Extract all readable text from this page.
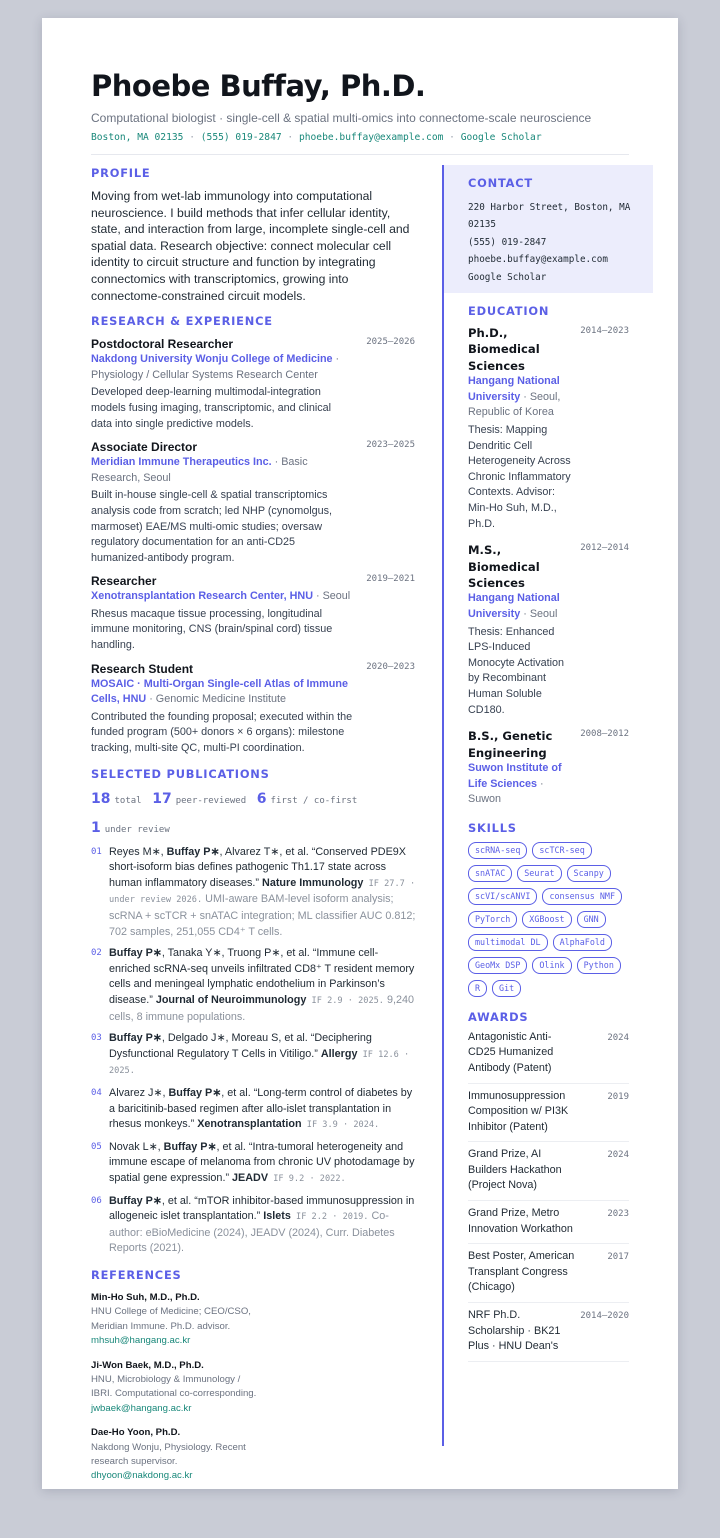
Phoebe Buffay, Ph.D.
Computational biologist · single-cell & spatial multi-omics into connectome-scale neuroscience
Boston, MA 02135 · (555) 019-2847 · phoebe.buffay@example.com · Google Scholar
PROFILE
Moving from wet-lab immunology into computational neuroscience. I build methods that infer cellular identity, state, and interaction from large, incomplete single-cell and spatial data. Research objective: connect molecular cell identity to circuit structure and function by integrating connectomics with transcriptomics, growing into connectome-constrained circuit models.
RESEARCH & EXPERIENCE
Postdoctoral Researcher	2025–2026
Nakdong University Wonju College of Medicine · Physiology / Cellular Systems Research Center
Developed deep-learning multimodal-integration models fusing imaging, transcriptomic, and clinical data into single predictive models.
Associate Director	2023–2025
Meridian Immune Therapeutics Inc. · Basic Research, Seoul
Built in-house single-cell & spatial transcriptomics analysis code from scratch; led NHP (cynomolgus, marmoset) EAE/MS multi-omic studies; oversaw regulatory documentation for an anti-CD25 humanized-antibody program.
Researcher	2019–2021
Xenotransplantation Research Center, HNU · Seoul
Rhesus macaque tissue processing, longitudinal immune monitoring, CNS (brain/spinal cord) tissue handling.
Research Student	2020–2023
MOSAIC · Multi-Organ Single-cell Atlas of Immune Cells, HNU · Genomic Medicine Institute
Contributed the founding proposal; executed within the funded program (500+ donors × 6 organs): milestone tracking, multi-site QC, multi-PI coordination.
SELECTED PUBLICATIONS
18 total 17 peer-reviewed 6 first / co-first
1 under review
01 Reyes M∗, Buffay P∗, Alvarez T∗, et al. “Conserved PDE9X short-isoform bias defines pathogenic Th1.17 state across human inflammatory diseases.” Nature Immunology IF 27.7 · under review 2026. UMI-aware BAM-level isoform analysis; scRNA + scTCR + snATAC integration; ML classifier AUC 0.812; 702 samples, 251,055 CD4⁺ T cells.
02 Buffay P∗, Tanaka Y∗, Truong P∗, et al. “Immune cell-enriched scRNA-seq unveils infiltrated CD8⁺ T resident memory cells and meningeal lymphatic endothelium in Parkinson’s disease.” Journal of Neuroimmunology IF 2.9 · 2025. 9,240 cells, 8 immune populations.
03 Buffay P∗, Delgado J∗, Moreau S, et al. “Deciphering Dysfunctional Regulatory T Cells in Vitiligo.” Allergy IF 12.6 · 2025.
04 Alvarez J∗, Buffay P∗, et al. “Long-term control of diabetes by a baricitinib-based regimen after allo-islet transplantation in rhesus monkeys.” Xenotransplantation IF 3.9 · 2024.
05 Novak L∗, Buffay P∗, et al. “Intra-tumoral heterogeneity and immune escape of melanoma from chronic UV photodamage by spatial gene expression.” JEADV IF 9.2 · 2022.
06 Buffay P∗, et al. “mTOR inhibitor-based immunosuppression in allogeneic islet transplantation.” Islets IF 2.2 · 2019. Co-author: eBioMedicine (2024), JEADV (2024), Curr. Diabetes Reports (2021).
REFERENCES
Min-Ho Suh, M.D., Ph.D.
HNU College of Medicine; CEO/CSO, Meridian Immune. Ph.D. advisor.
mhsuh@hangang.ac.kr
Ji-Won Baek, M.D., Ph.D.
HNU, Microbiology & Immunology / IBRI. Computational co-corresponding.
jwbaek@hangang.ac.kr
Dae-Ho Yoon, Ph.D.
Nakdong Wonju, Physiology. Recent research supervisor.
dhyoon@nakdong.ac.kr
CONTACT
220 Harbor Street, Boston, MA 02135
(555) 019-2847
phoebe.buffay@example.com
Google Scholar
EDUCATION
Ph.D., Biomedical Sciences
2014–2023
Hangang National University · Seoul, Republic of Korea
Thesis: Mapping Dendritic Cell Heterogeneity Across Chronic Inflammatory Contexts. Advisor: Min-Ho Suh, M.D., Ph.D.
M.S., Biomedical Sciences
2012–2014
Hangang National University · Seoul
Thesis: Enhanced LPS-Induced Monocyte Activation by Recombinant Human Soluble CD180.
B.S., Genetic Engineering
2008–2012
Suwon Institute of Life Sciences · Suwon
SKILLS
scRNA-seq	scTCR-seq
snATAC	Seurat	Scanpy
scVI/scANVI	consensus NMF
PyTorch	XGBoost	GNN
multimodal DL	AlphaFold
GeoMx DSP	Olink	Python
R	Git
AWARDS
Antagonistic Anti-CD25 Humanized Antibody (Patent)
2024
Immunosuppression Composition w/ PI3K Inhibitor (Patent)
2019
Grand Prize, AI Builders Hackathon (Project Nova)
2024
Grand Prize, Metro Innovation Workathon
2023
Best Poster, American Transplant Congress (Chicago)
2017
NRF Ph.D. Scholarship · BK21 Plus · HNU Dean's
2014–2020
